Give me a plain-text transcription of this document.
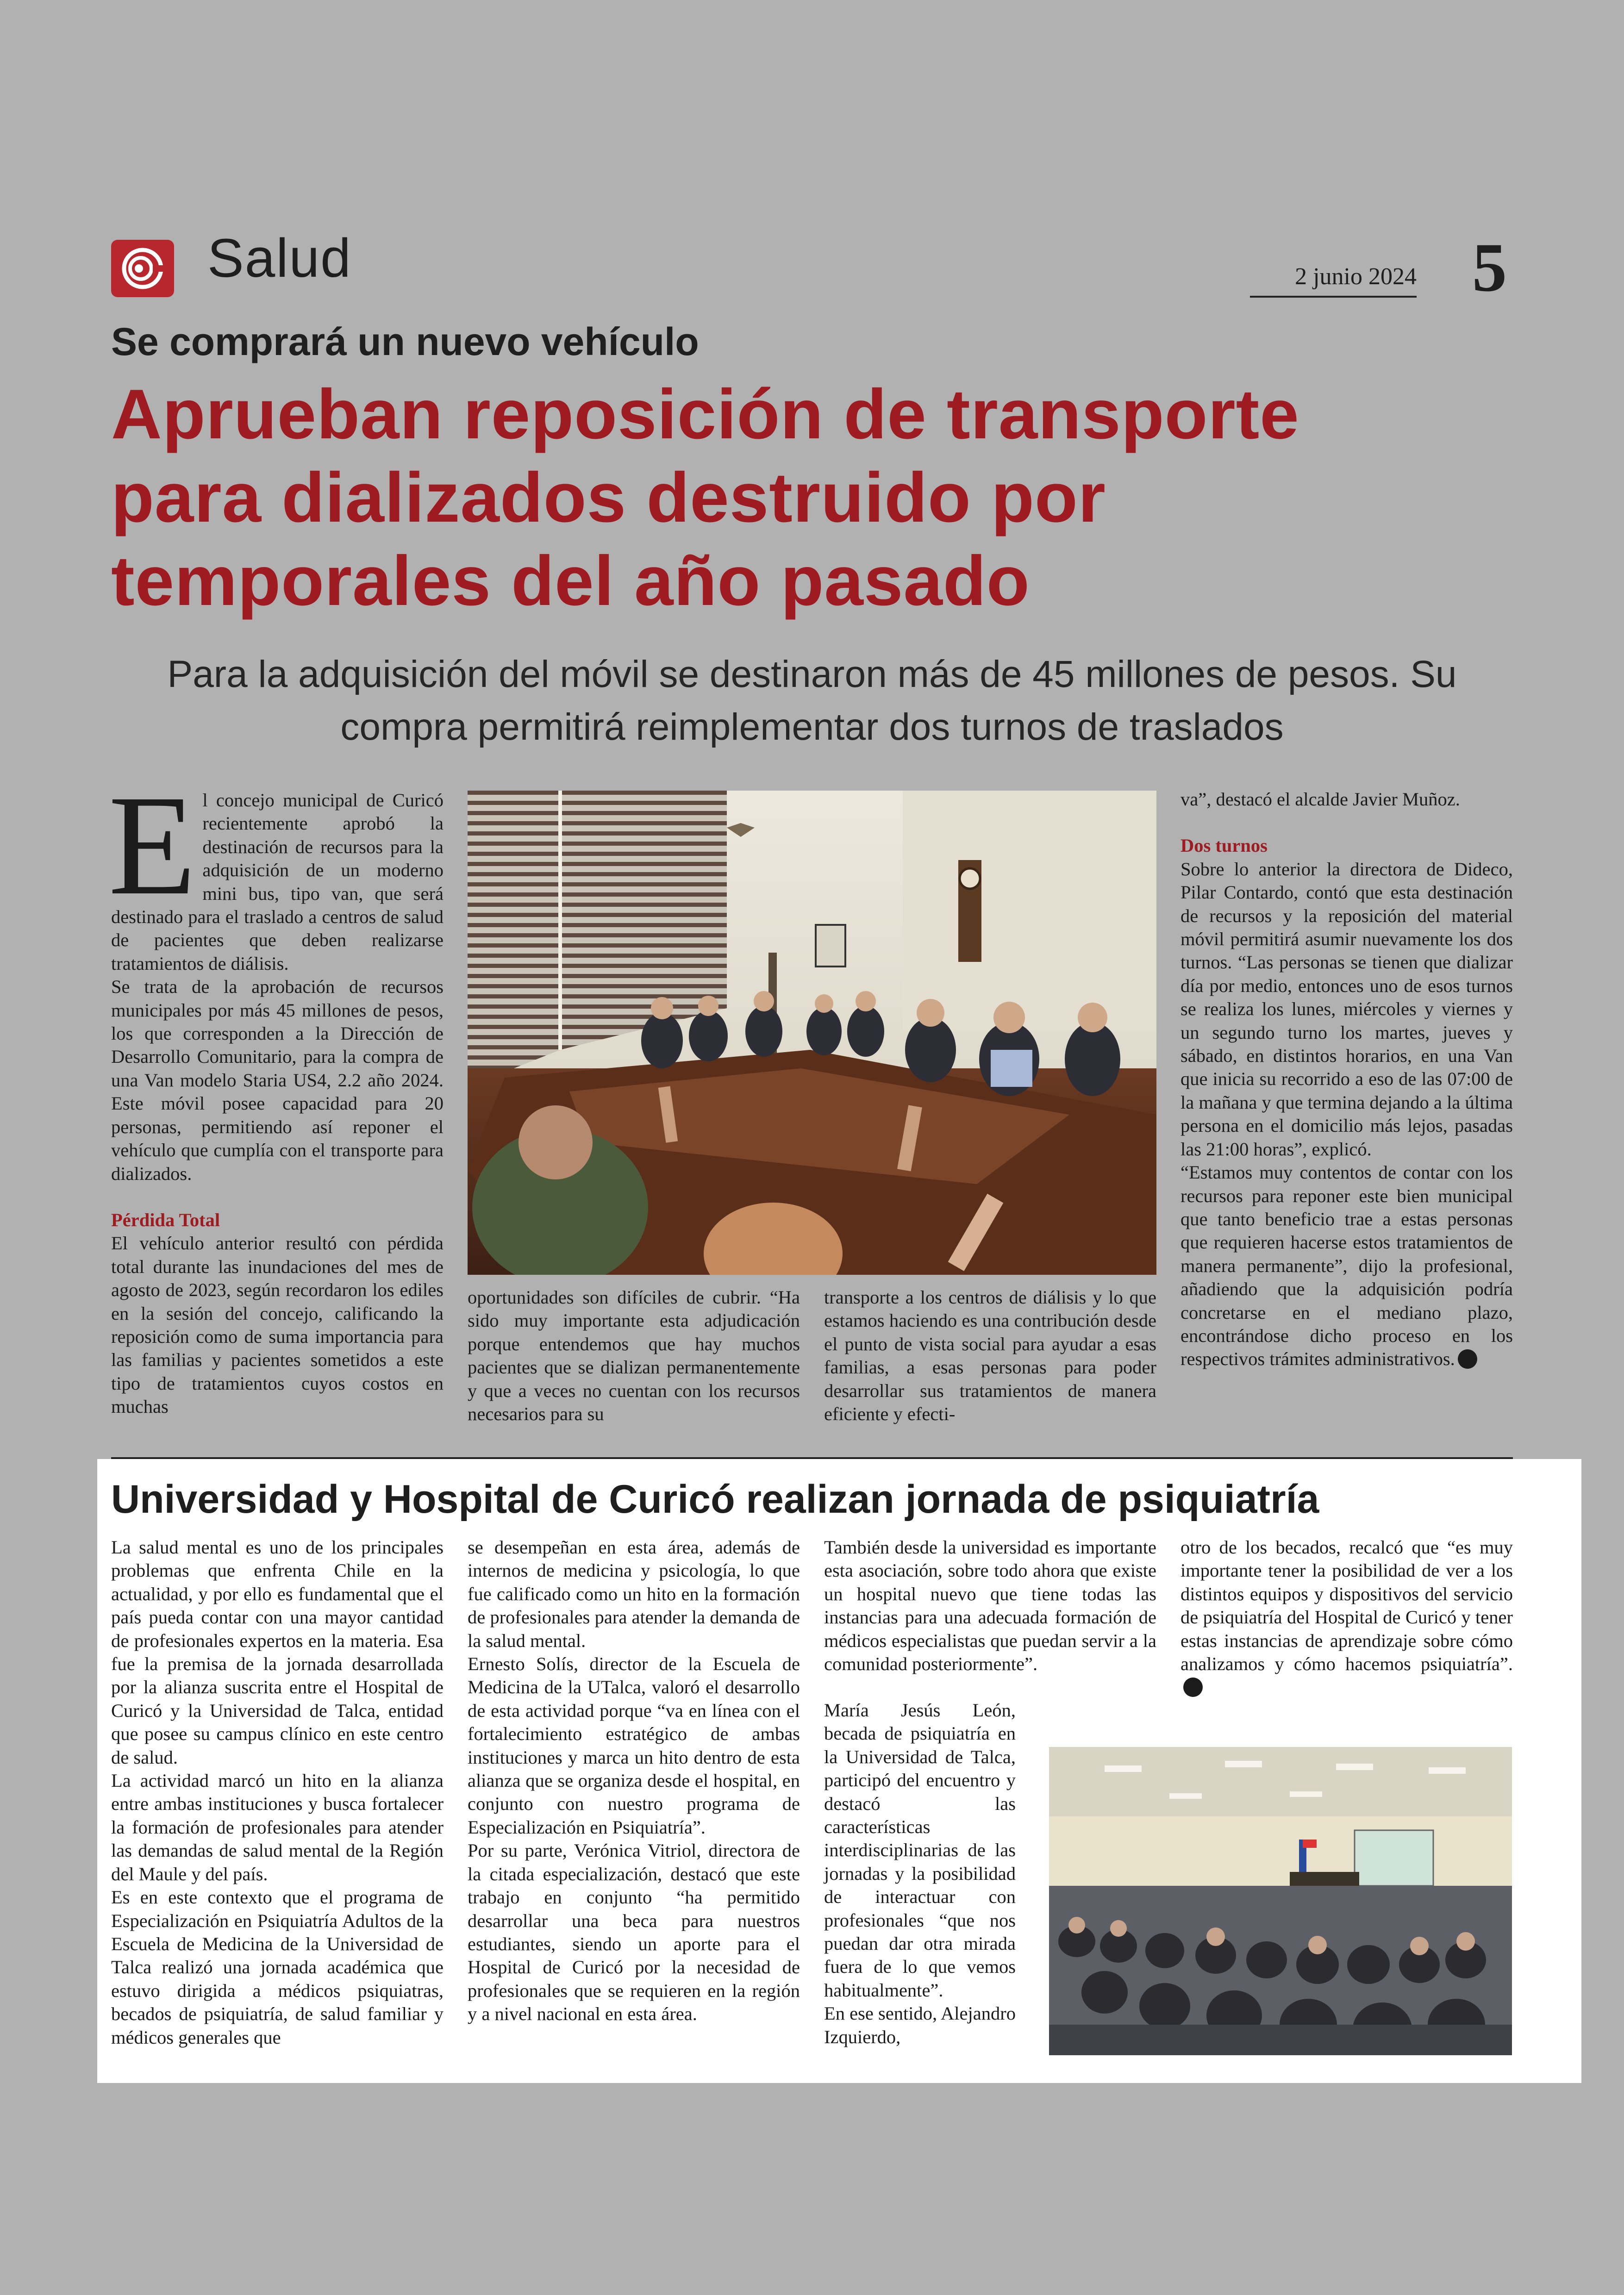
Salud	2 junio 2024 5
Se comprará un nuevo vehículo
Aprueban reposición de transporte
para dializados destruido por
temporales del año pasado
Para la adquisición del móvil se destinaron más de 45 millones de pesos. Su compra permitirá reimplementar dos turnos de traslados

El concejo municipal de Curicó recientemente aprobó la destinación de recursos para la adquisición de un moderno mini bus, tipo van, que será destinado para el traslado a centros de salud de pacientes que deben realizarse tratamientos de diálisis.

Se trata de la aprobación de recursos municipales por más 45 millones de pesos, los que corresponden a la Dirección de Desarrollo Comunitario, para la compra de una Van modelo Staria US4, 2.2 año 2024. Este móvil posee capacidad para 20 personas, permitiendo así reponer el vehículo que cumplía con el transporte para dializados.

Pérdida Total

El vehículo anterior resultó con pérdida total durante las inundaciones del mes de agosto de 2023, según recordaron los ediles en la sesión del concejo, calificando la reposición como de suma importancia para las familias y pacientes sometidos a este tipo de tratamientos cuyos costos en muchas

oportunidades son difíciles de cubrir. “Ha sido muy importante esta adjudicación porque entendemos que hay muchos pacientes que se dializan permanentemente y que a veces no cuentan con los recursos necesarios para su

transporte a los centros de diálisis y lo que estamos haciendo es una contribución desde el punto de vista social para ayudar a esas familias, a esas personas para poder desarrollar sus tratamientos de manera eficiente y efecti-

va”, destacó el alcalde Javier Muñoz.

Dos turnos

Sobre lo anterior la directora de Dideco, Pilar Contardo, contó que esta destinación de recursos y la reposición del material móvil permitirá asumir nuevamente los dos turnos. “Las personas se tienen que dializar día por medio, entonces uno de esos turnos se realiza los lunes, miércoles y viernes y un segundo turno los martes, jueves y sábado, en distintos horarios, en una Van que inicia su recorrido a eso de las 07:00 de la mañana y que termina dejando a la última persona en el domicilio más lejos, pasadas las 21:00 horas”, explicó.

“Estamos muy contentos de contar con los recursos para reponer este bien municipal que tanto beneficio trae a estas personas que requieren hacerse estos tratamientos de manera permanente”, dijo la profesional, añadiendo que la adquisición podría concretarse en el mediano plazo, encontrándose dicho proceso en los respectivos trámites administrativos.

Universidad y Hospital de Curicó realizan jornada de psiquiatría

La salud mental es uno de los principales problemas que enfrenta Chile en la actualidad, y por ello es fundamental que el país pueda contar con una mayor cantidad de profesionales expertos en la materia. Esa fue la premisa de la jornada desarrollada por la alianza suscrita entre el Hospital de Curicó y la Universidad de Talca, entidad que posee su campus clínico en este centro de salud.

La actividad marcó un hito en la alianza entre ambas instituciones y busca fortalecer la formación de profesionales para atender las demandas de salud mental de la Región del Maule y del país.

Es en este contexto que el programa de Especialización en Psiquiatría Adultos de la Escuela de Medicina de la Universidad de Talca realizó una jornada académica que estuvo dirigida a médicos psiquiatras, becados de psiquiatría, de salud familiar y médicos generales que

se desempeñan en esta área, además de internos de medicina y psicología, lo que fue calificado como un hito en la formación de profesionales para atender la demanda de la salud mental.

Ernesto Solís, director de la Escuela de Medicina de la UTalca, valoró el desarrollo de esta actividad porque “va en línea con el fortalecimiento estratégico de ambas instituciones y marca un hito dentro de esta alianza que se organiza desde el hospital, en conjunto con nuestro programa de Especialización en Psiquiatría”.

Por su parte, Verónica Vitriol, directora de la citada especialización, destacó que este trabajo en conjunto “ha permitido desarrollar una beca para nuestros estudiantes, siendo un aporte para el Hospital de Curicó por la necesidad de profesionales que se requieren en la región y a nivel nacional en esta área.

También desde la universidad es importante esta asociación, sobre todo ahora que existe un hospital nuevo que tiene todas las instancias para una adecuada formación de médicos especialistas que puedan servir a la comunidad posteriormente”.

María Jesús León, becada de psiquiatría en la Universidad de Talca, participó del encuentro y destacó las características interdisciplinarias de las jornadas y la posibilidad de interactuar con profesionales “que nos puedan dar otra mirada fuera de lo que vemos habitualmente”.

En ese sentido, Alejandro Izquierdo,

otro de los becados, recalcó que “es muy importante tener la posibilidad de ver a los distintos equipos y dispositivos del servicio de psiquiatría del Hospital de Curicó y tener estas instancias de aprendizaje sobre cómo analizamos y cómo hacemos psiquiatría”.
